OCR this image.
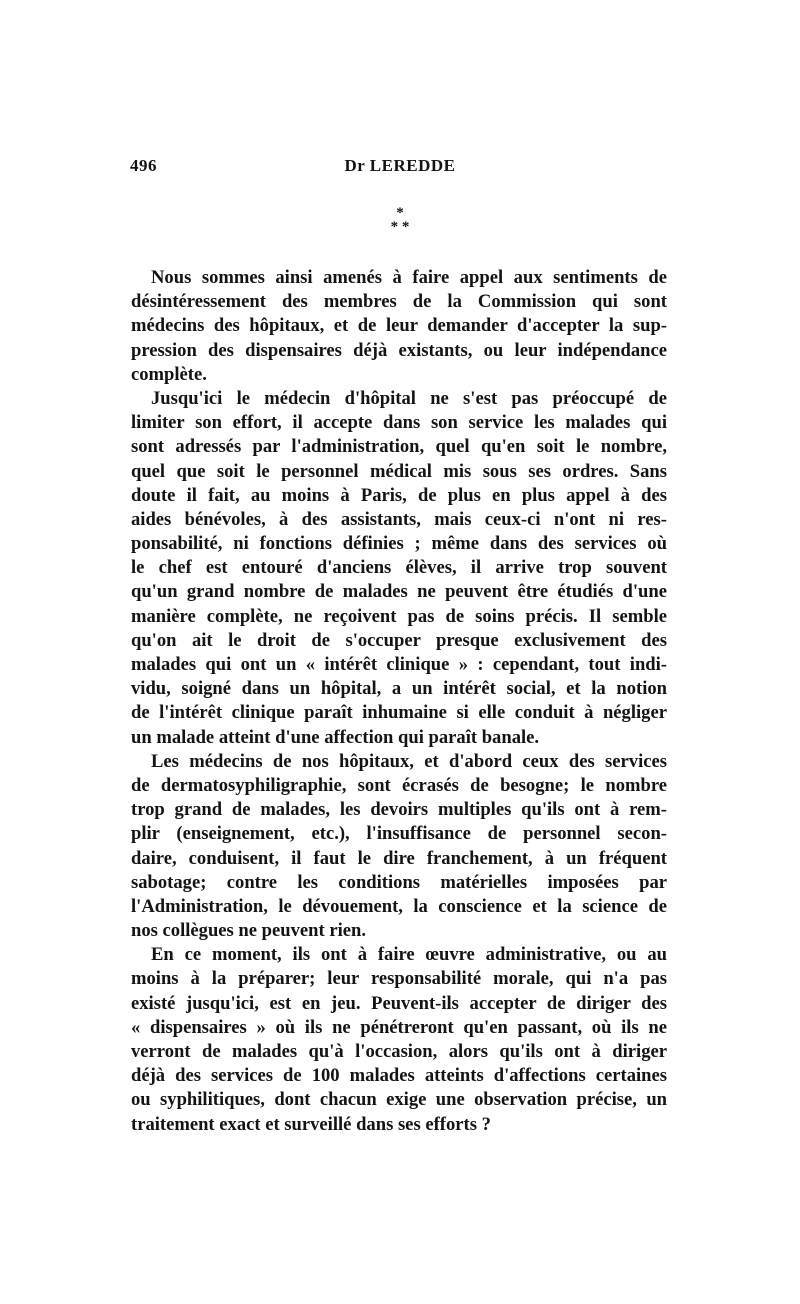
496	Dr LEREDDE
*
* *
Nous sommes ainsi amenés à faire appel aux sentiments de
désintéressement des membres de la Commission qui sont
médecins des hôpitaux, et de leur demander d'accepter la sup-
pression des dispensaires déjà existants, ou leur indépendance
complète.
Jusqu'ici le médecin d'hôpital ne s'est pas préoccupé de
limiter son effort, il accepte dans son service les malades qui
sont adressés par l'administration, quel qu'en soit le nombre,
quel que soit le personnel médical mis sous ses ordres. Sans
doute il fait, au moins à Paris, de plus en plus appel à des
aides bénévoles, à des assistants, mais ceux-ci n'ont ni res-
ponsabilité, ni fonctions définies ; même dans des services où
le chef est entouré d'anciens élèves, il arrive trop souvent
qu'un grand nombre de malades ne peuvent être étudiés d'une
manière complète, ne reçoivent pas de soins précis. Il semble
qu'on ait le droit de s'occuper presque exclusivement des
malades qui ont un « intérêt clinique » : cependant, tout indi-
vidu, soigné dans un hôpital, a un intérêt social, et la notion
de l'intérêt clinique paraît inhumaine si elle conduit à négliger
un malade atteint d'une affection qui paraît banale.
Les médecins de nos hôpitaux, et d'abord ceux des services
de dermatosyphiligraphie, sont écrasés de besogne; le nombre
trop grand de malades, les devoirs multiples qu'ils ont à rem-
plir (enseignement, etc.), l'insuffisance de personnel secon-
daire, conduisent, il faut le dire franchement, à un fréquent
sabotage; contre les conditions matérielles imposées par
l'Administration, le dévouement, la conscience et la science de
nos collègues ne peuvent rien.
En ce moment, ils ont à faire œuvre administrative, ou au
moins à la préparer; leur responsabilité morale, qui n'a pas
existé jusqu'ici, est en jeu. Peuvent-ils accepter de diriger des
« dispensaires » où ils ne pénétreront qu'en passant, où ils ne
verront de malades qu'à l'occasion, alors qu'ils ont à diriger
déjà des services de 100 malades atteints d'affections certaines
ou syphilitiques, dont chacun exige une observation précise, un
traitement exact et surveillé dans ses efforts ?
